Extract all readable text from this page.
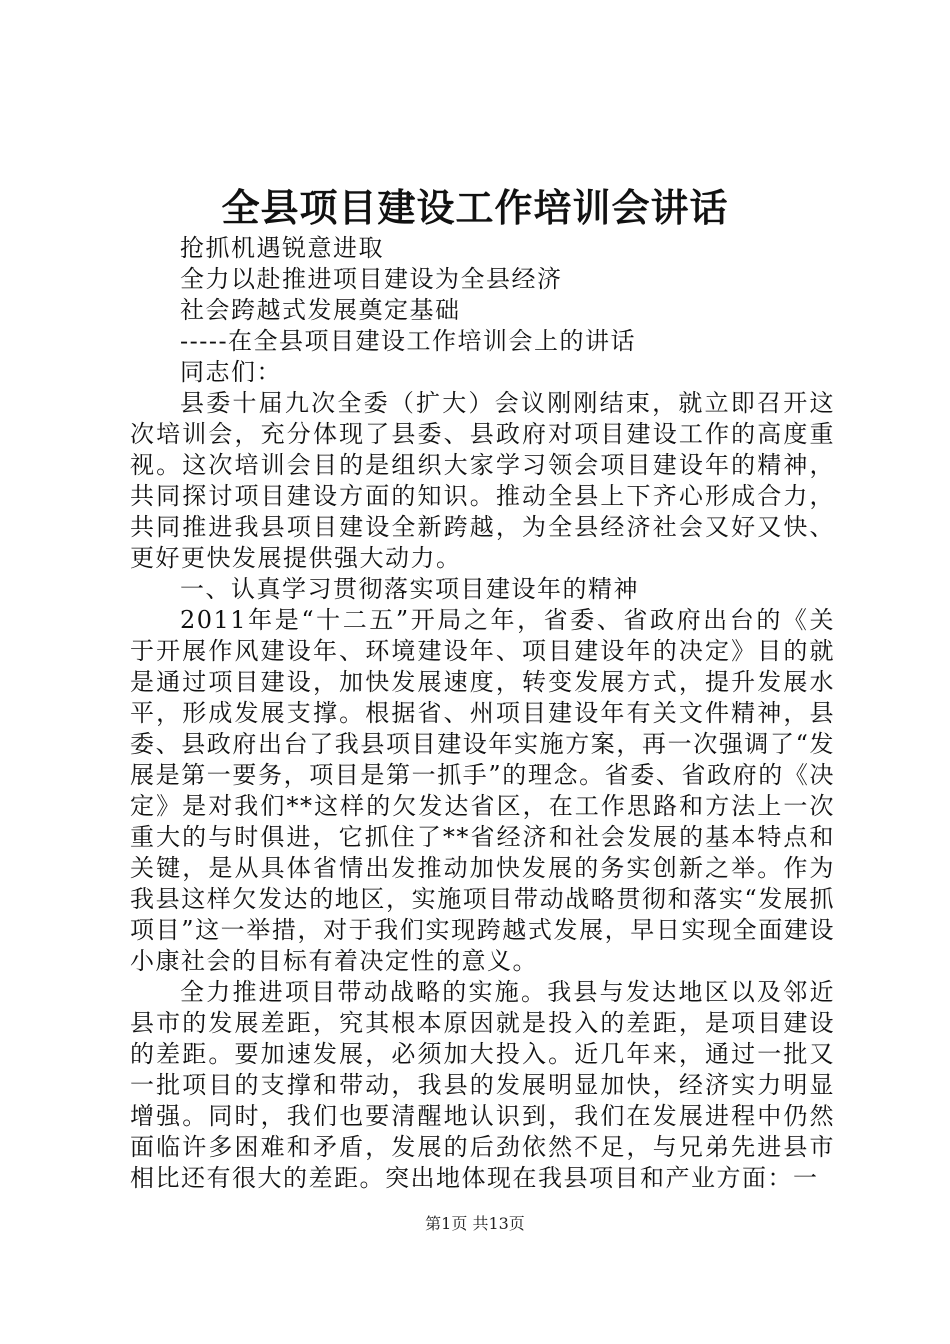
全县项目建设工作培训会讲话

抢抓机遇锐意进取

全力以赴推进项目建设为全县经济

社会跨越式发展奠定基础

-----在全县项目建设工作培训会上的讲话

同志们：

县委十届九次全委（扩大）会议刚刚结束，就立即召开这次培训会，充分体现了县委、县政府对项目建设工作的高度重视。这次培训会目的是组织大家学习领会项目建设年的精神，共同探讨项目建设方面的知识。推动全县上下齐心形成合力，共同推进我县项目建设全新跨越，为全县经济社会又好又快、更好更快发展提供强大动力。

一、认真学习贯彻落实项目建设年的精神

2011年是“十二五”开局之年，省委、省政府出台的《关于开展作风建设年、环境建设年、项目建设年的决定》目的就是通过项目建设，加快发展速度，转变发展方式，提升发展水平，形成发展支撑。根据省、州项目建设年有关文件精神，县委、县政府出台了我县项目建设年实施方案，再一次强调了“发展是第一要务，项目是第一抓手”的理念。省委、省政府的《决定》是对我们**这样的欠发达省区，在工作思路和方法上一次重大的与时俱进，它抓住了**省经济和社会发展的基本特点和关键，是从具体省情出发推动加快发展的务实创新之举。作为我县这样欠发达的地区，实施项目带动战略贯彻和落实“发展抓项目”这一举措，对于我们实现跨越式发展，早日实现全面建设小康社会的目标有着决定性的意义。

全力推进项目带动战略的实施。我县与发达地区以及邻近县市的发展差距，究其根本原因就是投入的差距，是项目建设的差距。要加速发展，必须加大投入。近几年来，通过一批又一批项目的支撑和带动，我县的发展明显加快，经济实力明显增强。同时，我们也要清醒地认识到，我们在发展进程中仍然面临许多困难和矛盾，发展的后劲依然不足，与兄弟先进县市相比还有很大的差距。突出地体现在我县项目和产业方面：一

第1页 共13页
